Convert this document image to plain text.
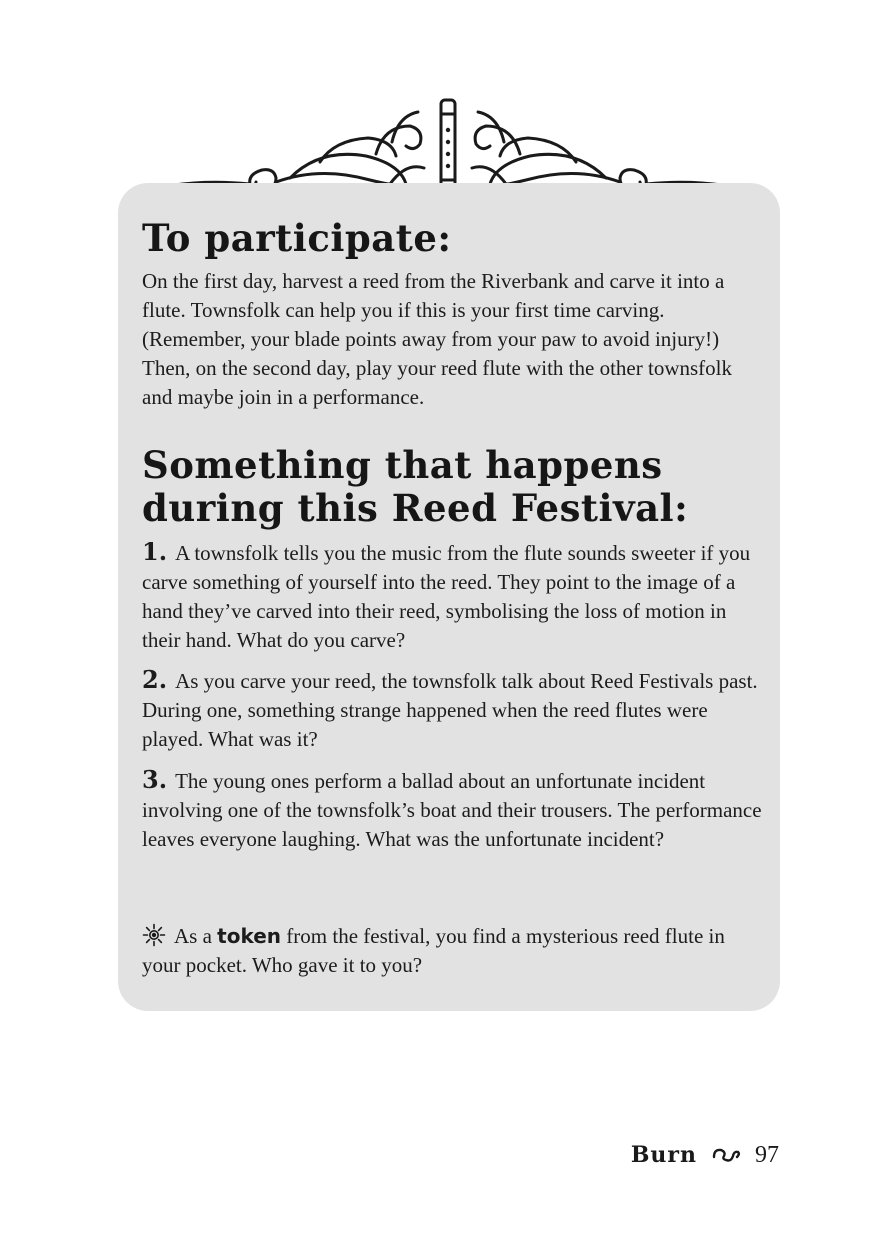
To participate:

On the first day, harvest a reed from the Riverbank and carve it into a flute. Townsfolk can help you if this is your first time carving. (Remember, your blade points away from your paw to avoid injury!) Then, on the second day, play your reed flute with the other townsfolk and maybe join in a performance.

Something that happens during this Reed Festival:

1. A townsfolk tells you the music from the flute sounds sweeter if you carve something of yourself into the reed. They point to the image of a hand they’ve carved into their reed, symbolising the loss of motion in their hand. What do you carve?

2. As you carve your reed, the townsfolk talk about Reed Festivals past. During one, something strange happened when the reed flutes were played. What was it?

3. The young ones perform a ballad about an unfortunate incident involving one of the townsfolk’s boat and their trousers. The performance leaves everyone laughing. What was the unfortunate incident?

As a token from the festival, you find a mysterious reed flute in your pocket. Who gave it to you?

Burn 97
